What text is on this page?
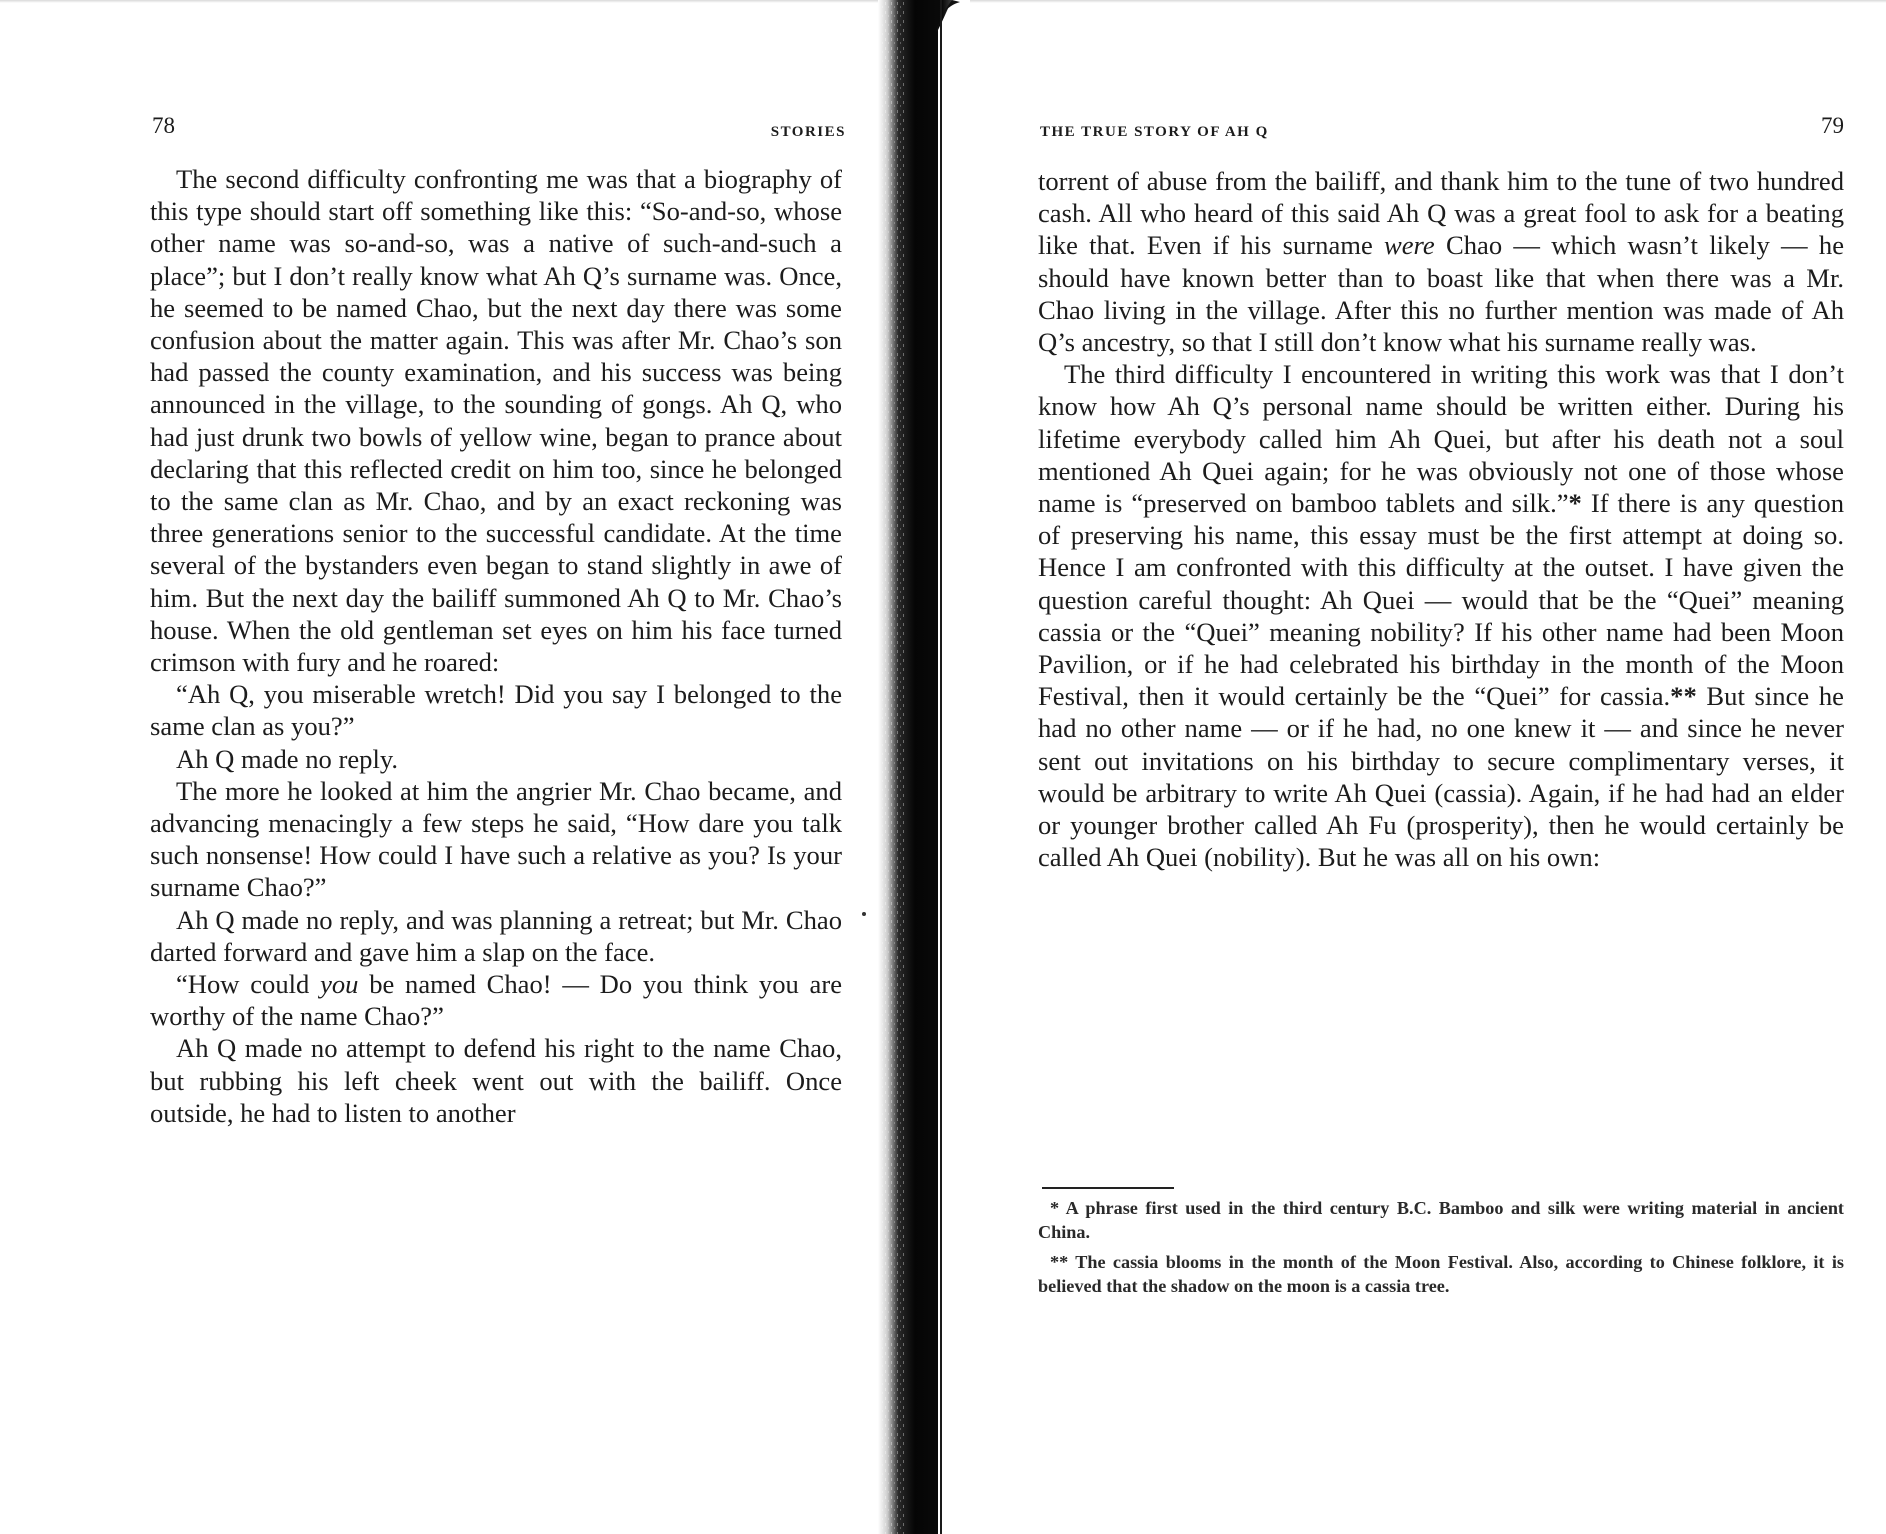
78	STORIES

The second difficulty confronting me was that a biography of this type should start off something like this: “So-and-so, whose other name was so-and-so, was a native of such-and-such a place”; but I don’t really know what Ah Q’s surname was. Once, he seemed to be named Chao, but the next day there was some confusion about the matter again. This was after Mr. Chao’s son had passed the county examination, and his success was being announced in the village, to the sounding of gongs. Ah Q, who had just drunk two bowls of yellow wine, began to prance about declaring that this reflected credit on him too, since he belonged to the same clan as Mr. Chao, and by an exact reckoning was three generations senior to the successful candidate. At the time several of the bystanders even began to stand slightly in awe of him. But the next day the bailiff summoned Ah Q to Mr. Chao’s house. When the old gentleman set eyes on him his face turned crimson with fury and he roared:

“Ah Q, you miserable wretch! Did you say I belonged to the same clan as you?”

Ah Q made no reply.

The more he looked at him the angrier Mr. Chao became, and advancing menacingly a few steps he said, “How dare you talk such nonsense! How could I have such a relative as you? Is your surname Chao?”

Ah Q made no reply, and was planning a retreat; but Mr. Chao darted forward and gave him a slap on the face.

“How could you be named Chao! — Do you think you are worthy of the name Chao?”

Ah Q made no attempt to defend his right to the name Chao, but rubbing his left cheek went out with the bailiff. Once outside, he had to listen to another

THE TRUE STORY OF AH Q	79

torrent of abuse from the bailiff, and thank him to the tune of two hundred cash. All who heard of this said Ah Q was a great fool to ask for a beating like that. Even if his surname were Chao — which wasn’t likely — he should have known better than to boast like that when there was a Mr. Chao living in the village. After this no further mention was made of Ah Q’s ancestry, so that I still don’t know what his surname really was.

The third difficulty I encountered in writing this work was that I don’t know how Ah Q’s personal name should be written either. During his lifetime everybody called him Ah Quei, but after his death not a soul mentioned Ah Quei again; for he was obviously not one of those whose name is “preserved on bamboo tablets and silk.”* If there is any question of preserving his name, this essay must be the first attempt at doing so. Hence I am confronted with this difficulty at the outset. I have given the question careful thought: Ah Quei — would that be the “Quei” meaning cassia or the “Quei” meaning nobility? If his other name had been Moon Pavilion, or if he had celebrated his birthday in the month of the Moon Festival, then it would certainly be the “Quei” for cassia.** But since he had no other name — or if he had, no one knew it — and since he never sent out invitations on his birthday to secure complimentary verses, it would be arbitrary to write Ah Quei (cassia). Again, if he had had an elder or younger brother called Ah Fu (prosperity), then he would certainly be called Ah Quei (nobility). But he was all on his own:

* A phrase first used in the third century B.C. Bamboo and silk were writing material in ancient China.

** The cassia blooms in the month of the Moon Festival. Also, according to Chinese folklore, it is believed that the shadow on the moon is a cassia tree.
